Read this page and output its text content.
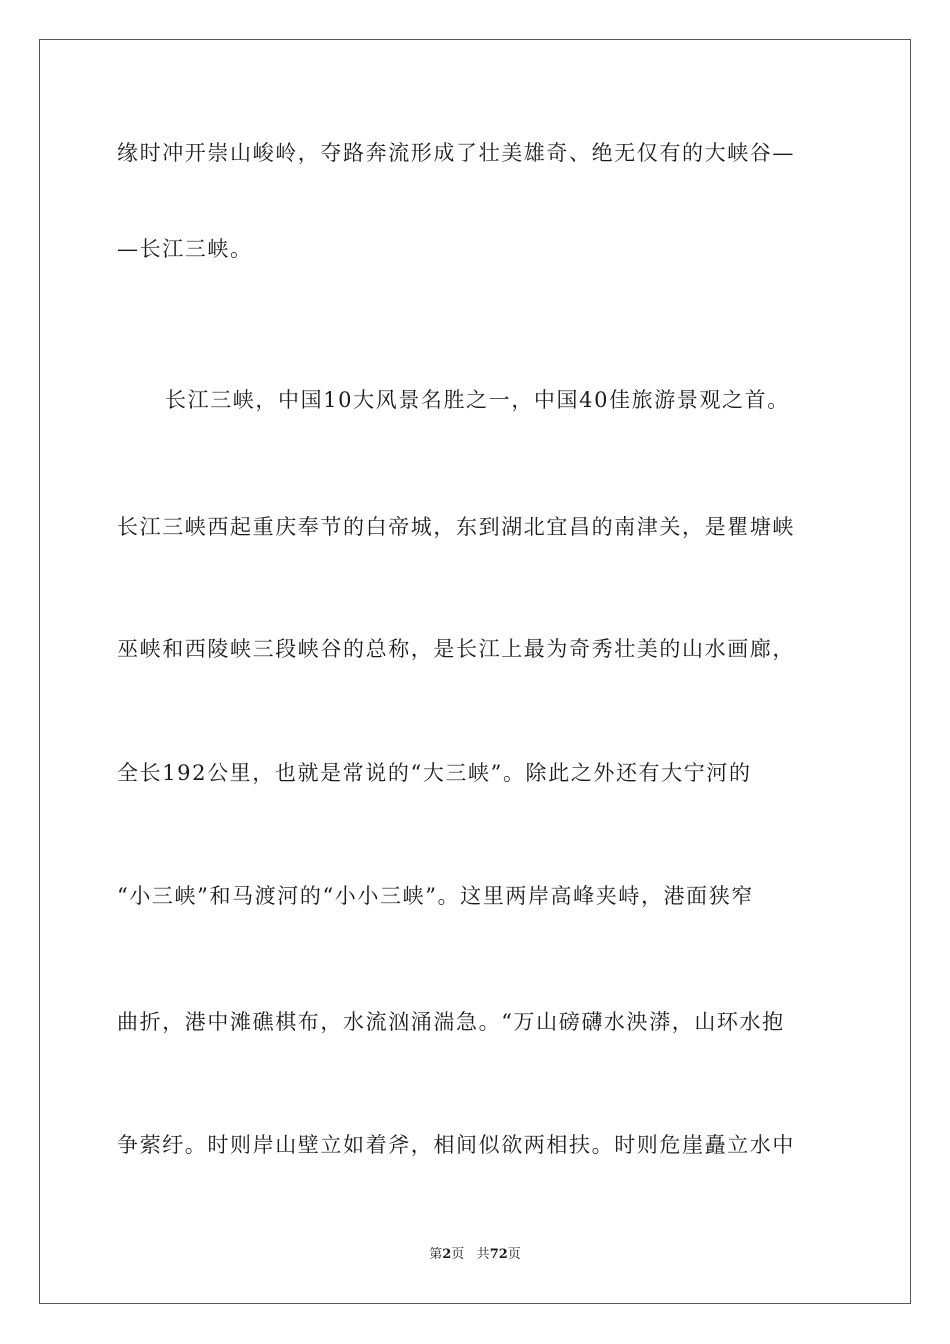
缘时冲开崇山峻岭，夺路奔流形成了壮美雄奇、绝无仅有的大峡谷—
—长江三峡。
长江三峡，中国10大风景名胜之一，中国40佳旅游景观之首。
长江三峡西起重庆奉节的白帝城，东到湖北宜昌的南津关，是瞿塘峡
巫峡和西陵峡三段峡谷的总称，是长江上最为奇秀壮美的山水画廊，
全长192公里，也就是常说的“大三峡”。除此之外还有大宁河的
“小三峡”和马渡河的“小小三峡”。这里两岸高峰夹峙，港面狭窄
曲折，港中滩礁棋布，水流汹涌湍急。“万山磅礴水泱漭，山环水抱
争萦纡。时则岸山壁立如着斧，相间似欲两相扶。时则危崖矗立水中
第2页 共72页
